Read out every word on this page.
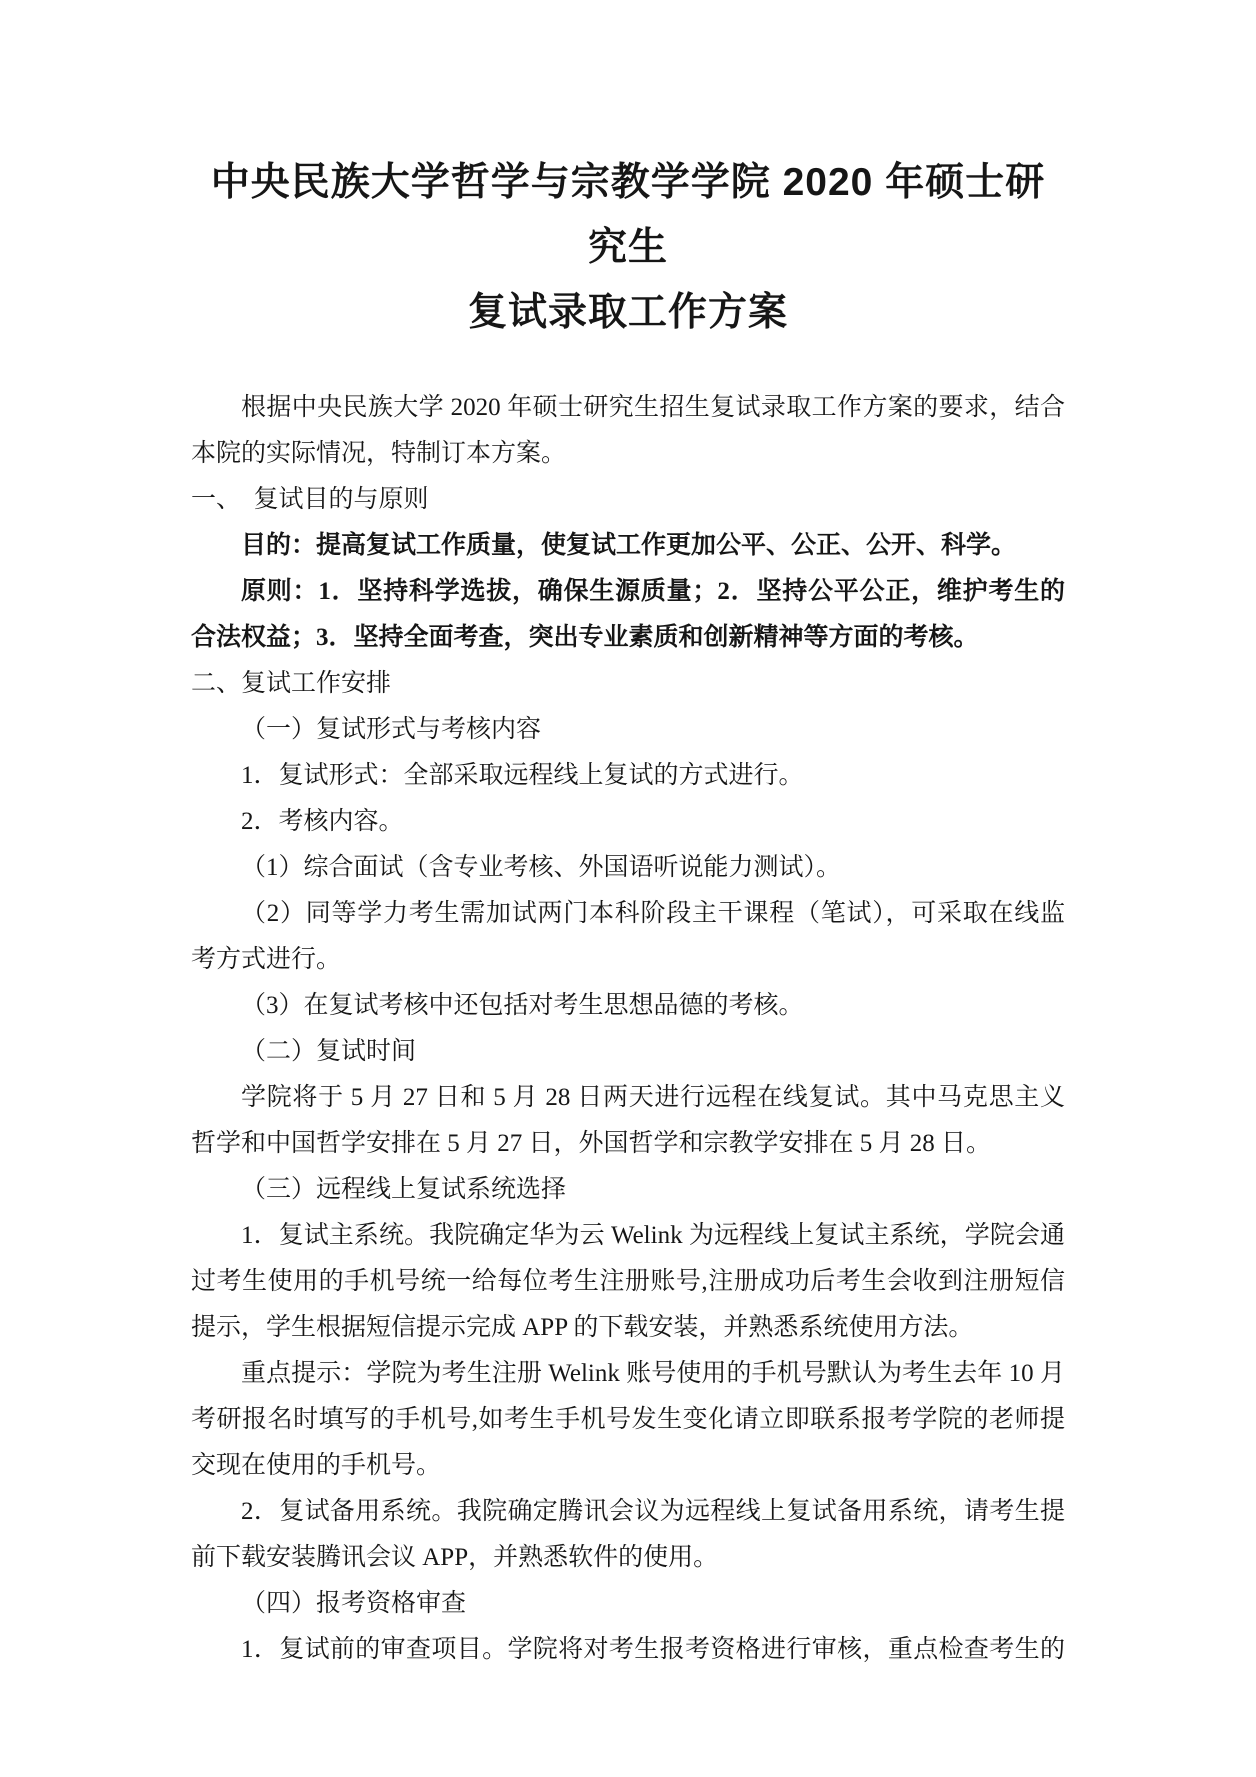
中央民族大学哲学与宗教学学院 2020 年硕士研究生
复试录取工作方案

根据中央民族大学 2020 年硕士研究生招生复试录取工作方案的要求，结合本院的实际情况，特制订本方案。

一、　复试目的与原则

目的：提高复试工作质量，使复试工作更加公平、公正、公开、科学。

原则：1．坚持科学选拔，确保生源质量；2．坚持公平公正，维护考生的合法权益；3．坚持全面考查，突出专业素质和创新精神等方面的考核。

二、复试工作安排

（一）复试形式与考核内容

1．复试形式：全部采取远程线上复试的方式进行。

2．考核内容。

（1）综合面试（含专业考核、外国语听说能力测试）。

（2）同等学力考生需加试两门本科阶段主干课程（笔试），可采取在线监考方式进行。

（3）在复试考核中还包括对考生思想品德的考核。

（二）复试时间

学院将于 5 月 27 日和 5 月 28 日两天进行远程在线复试。其中马克思主义哲学和中国哲学安排在 5 月 27 日，外国哲学和宗教学安排在 5 月 28 日。

（三）远程线上复试系统选择

1．复试主系统。我院确定华为云 Welink 为远程线上复试主系统，学院会通过考生使用的手机号统一给每位考生注册账号,注册成功后考生会收到注册短信提示，学生根据短信提示完成 APP 的下载安装，并熟悉系统使用方法。

重点提示：学院为考生注册 Welink 账号使用的手机号默认为考生去年 10 月考研报名时填写的手机号,如考生手机号发生变化请立即联系报考学院的老师提交现在使用的手机号。

2．复试备用系统。我院确定腾讯会议为远程线上复试备用系统，请考生提前下载安装腾讯会议 APP，并熟悉软件的使用。

（四）报考资格审查

1．复试前的审查项目。学院将对考生报考资格进行审核，重点检查考生的
